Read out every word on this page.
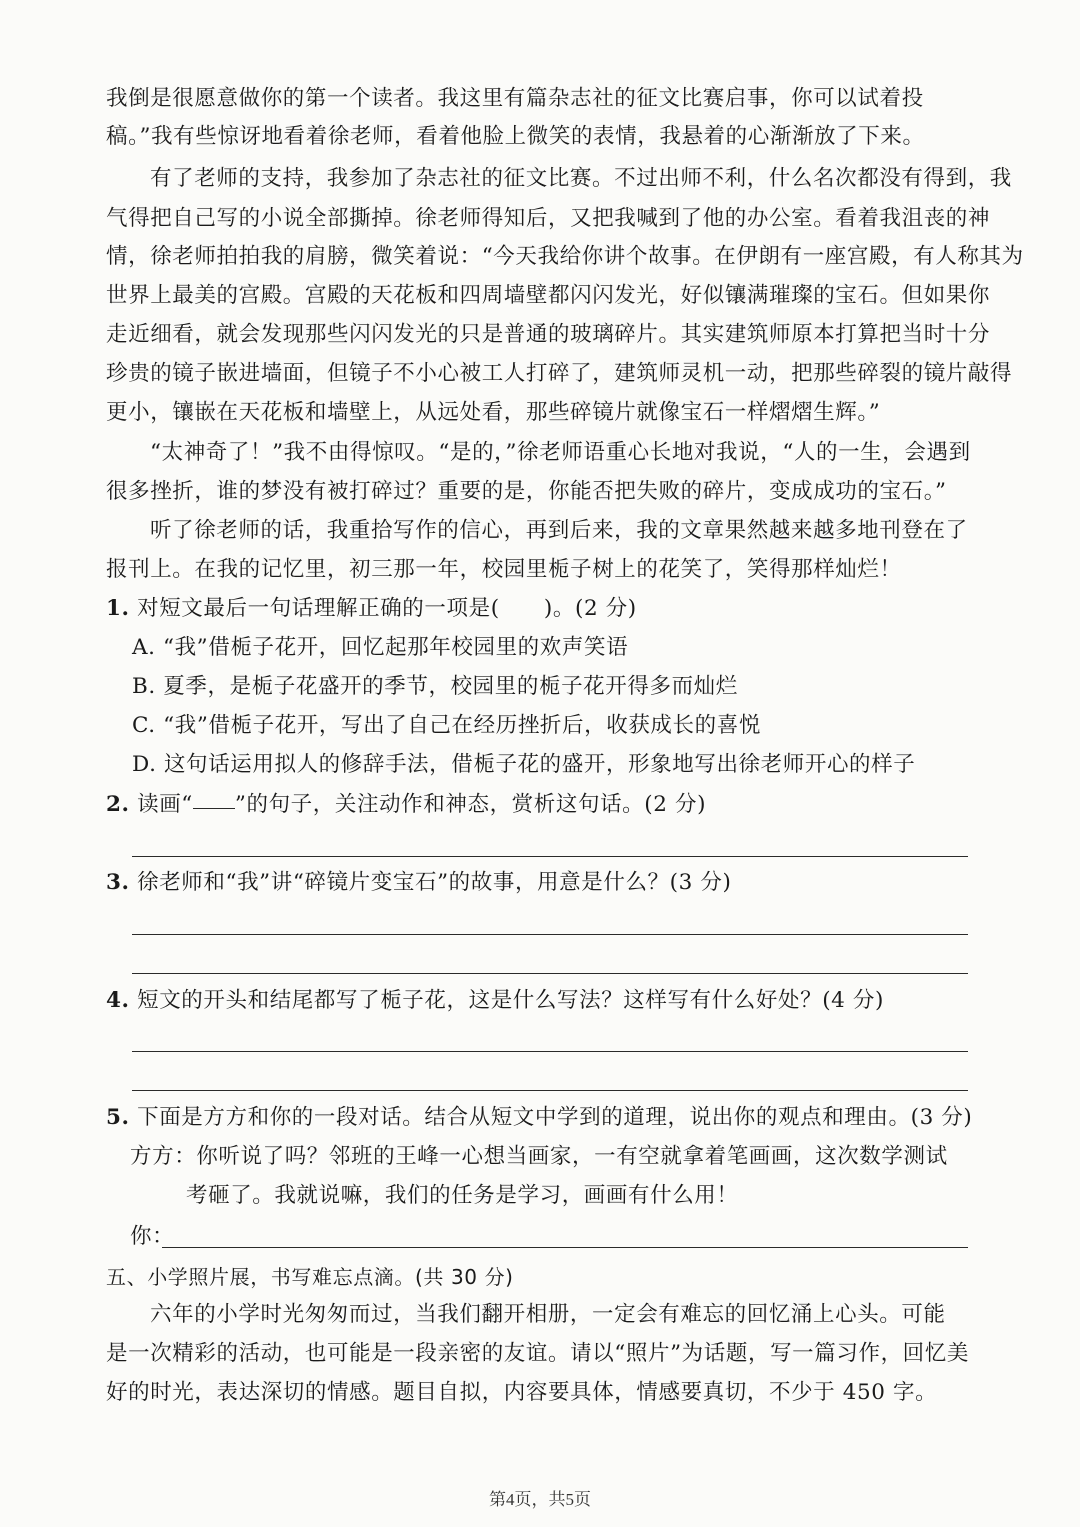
我倒是很愿意做你的第一个读者。我这里有篇杂志社的征文比赛启事，你可以试着投
稿。”我有些惊讶地看着徐老师，看着他脸上微笑的表情，我悬着的心渐渐放了下来。
有了老师的支持，我参加了杂志社的征文比赛。不过出师不利，什么名次都没有得到，我
气得把自己写的小说全部撕掉。徐老师得知后，又把我喊到了他的办公室。看着我沮丧的神
情，徐老师拍拍我的肩膀，微笑着说：“今天我给你讲个故事。在伊朗有一座宫殿，有人称其为
世界上最美的宫殿。宫殿的天花板和四周墙壁都闪闪发光，好似镶满璀璨的宝石。但如果你
走近细看，就会发现那些闪闪发光的只是普通的玻璃碎片。其实建筑师原本打算把当时十分
珍贵的镜子嵌进墙面，但镜子不小心被工人打碎了，建筑师灵机一动，把那些碎裂的镜片敲得
更小，镶嵌在天花板和墙壁上，从远处看，那些碎镜片就像宝石一样熠熠生辉。”
“太神奇了！”我不由得惊叹。“是的，”徐老师语重心长地对我说，“人的一生，会遇到
很多挫折，谁的梦没有被打碎过？重要的是，你能否把失败的碎片，变成成功的宝石。”
听了徐老师的话，我重拾写作的信心，再到后来，我的文章果然越来越多地刊登在了
报刊上。在我的记忆里，初三那一年，校园里栀子树上的花笑了，笑得那样灿烂！
1. 对短文最后一句话理解正确的一项是(　　)。(2 分)
A. “我”借栀子花开，回忆起那年校园里的欢声笑语
B. 夏季，是栀子花盛开的季节，校园里的栀子花开得多而灿烂
C. “我”借栀子花开，写出了自己在经历挫折后，收获成长的喜悦
D. 这句话运用拟人的修辞手法，借栀子花的盛开，形象地写出徐老师开心的样子
2. 读画“ ”的句子，关注动作和神态，赏析这句话。(2 分)
3. 徐老师和“我”讲“碎镜片变宝石”的故事，用意是什么？(3 分)
4. 短文的开头和结尾都写了栀子花，这是什么写法？这样写有什么好处？(4 分)
5. 下面是方方和你的一段对话。结合从短文中学到的道理，说出你的观点和理由。(3 分)
方方：你听说了吗？邻班的王峰一心想当画家，一有空就拿着笔画画，这次数学测试
考砸了。我就说嘛，我们的任务是学习，画画有什么用！
你：
五、小学照片展，书写难忘点滴。(共 30 分)
六年的小学时光匆匆而过，当我们翻开相册，一定会有难忘的回忆涌上心头。可能
是一次精彩的活动，也可能是一段亲密的友谊。请以“照片”为话题，写一篇习作，回忆美
好的时光，表达深切的情感。题目自拟，内容要具体，情感要真切，不少于 450 字。
第4页，共5页
